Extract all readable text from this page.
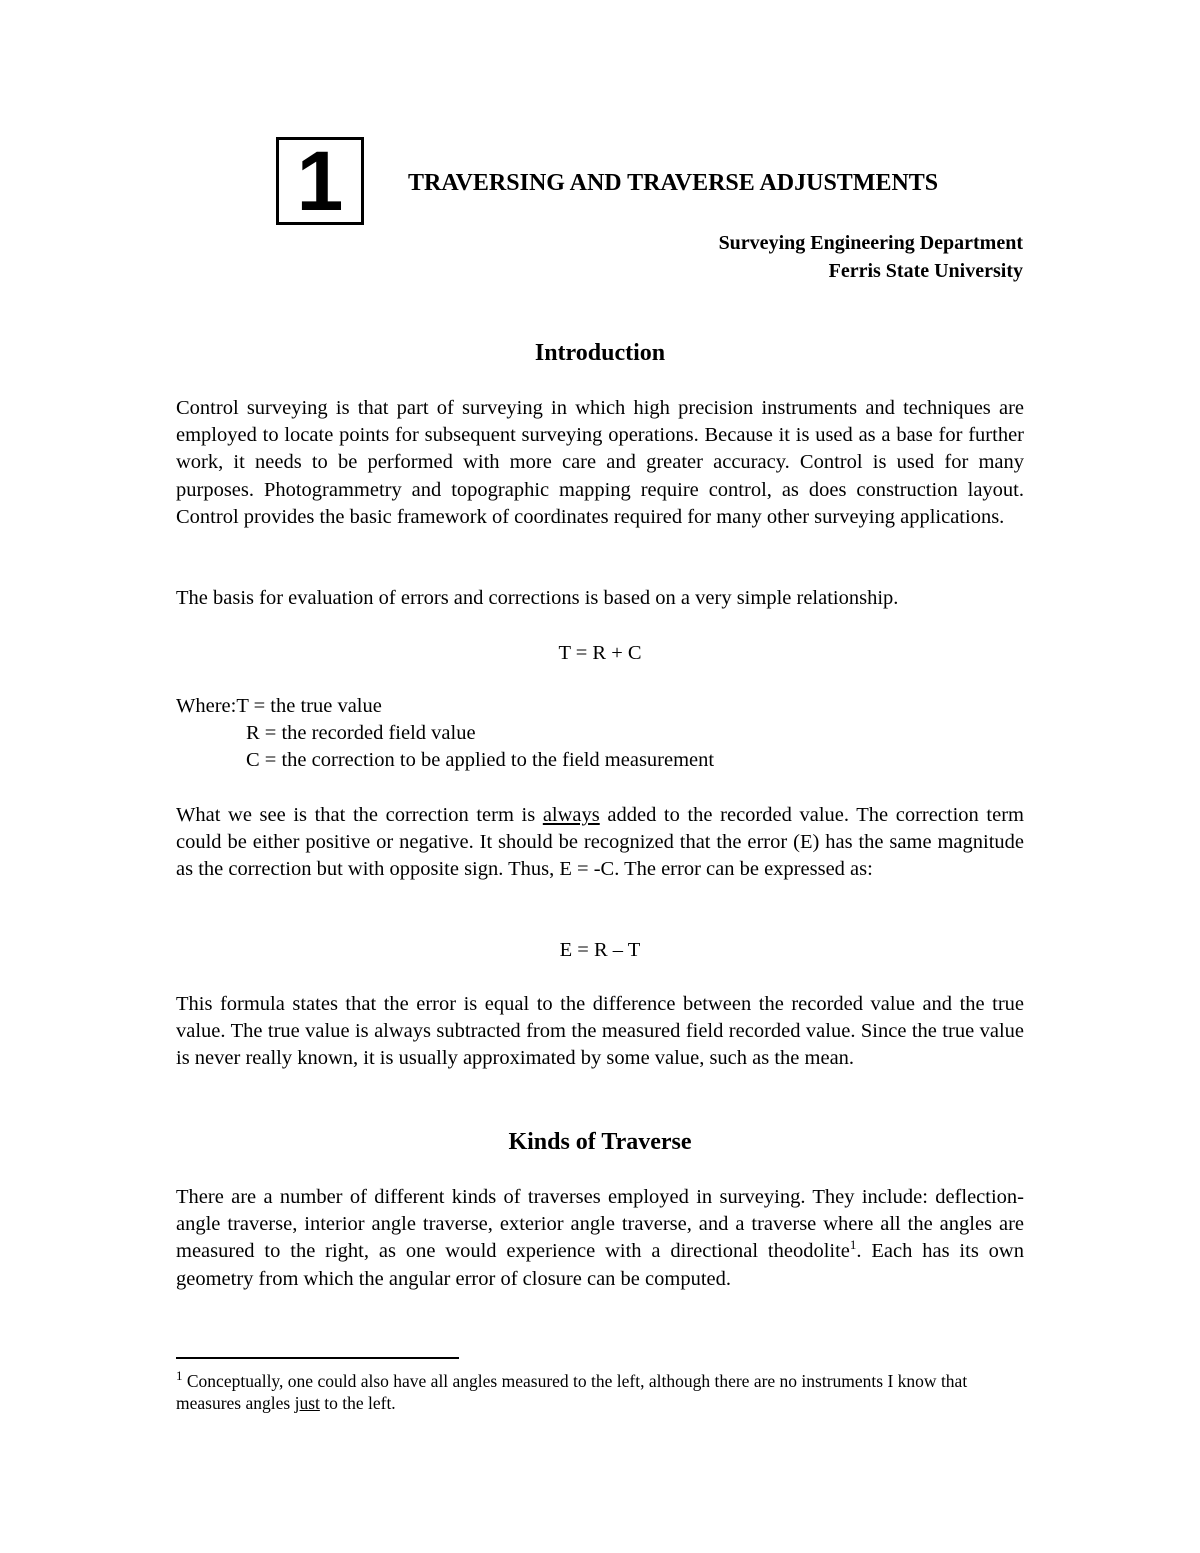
1	TRAVERSING AND TRAVERSE ADJUSTMENTS
Surveying Engineering Department
Ferris State University
Introduction
Control surveying is that part of surveying in which high precision instruments and techniques are employed to locate points for subsequent surveying operations. Because it is used as a base for further work, it needs to be performed with more care and greater accuracy. Control is used for many purposes. Photogrammetry and topographic mapping require control, as does construction layout. Control provides the basic framework of coordinates required for many other surveying applications.
The basis for evaluation of errors and corrections is based on a very simple relationship.
T = R + C
Where:T = the true value
R = the recorded field value
C = the correction to be applied to the field measurement
What we see is that the correction term is always added to the recorded value. The correction term could be either positive or negative. It should be recognized that the error (E) has the same magnitude as the correction but with opposite sign. Thus, E = -C. The error can be expressed as:
E = R – T
This formula states that the error is equal to the difference between the recorded value and the true value. The true value is always subtracted from the measured field recorded value. Since the true value is never really known, it is usually approximated by some value, such as the mean.
Kinds of Traverse
There are a number of different kinds of traverses employed in surveying. They include: deflection-angle traverse, interior angle traverse, exterior angle traverse, and a traverse where all the angles are measured to the right, as one would experience with a directional theodolite$^1$. Each has its own geometry from which the angular error of closure can be computed.
$^1$ Conceptually, one could also have all angles measured to the left, although there are no instruments I know that measures angles just to the left.
